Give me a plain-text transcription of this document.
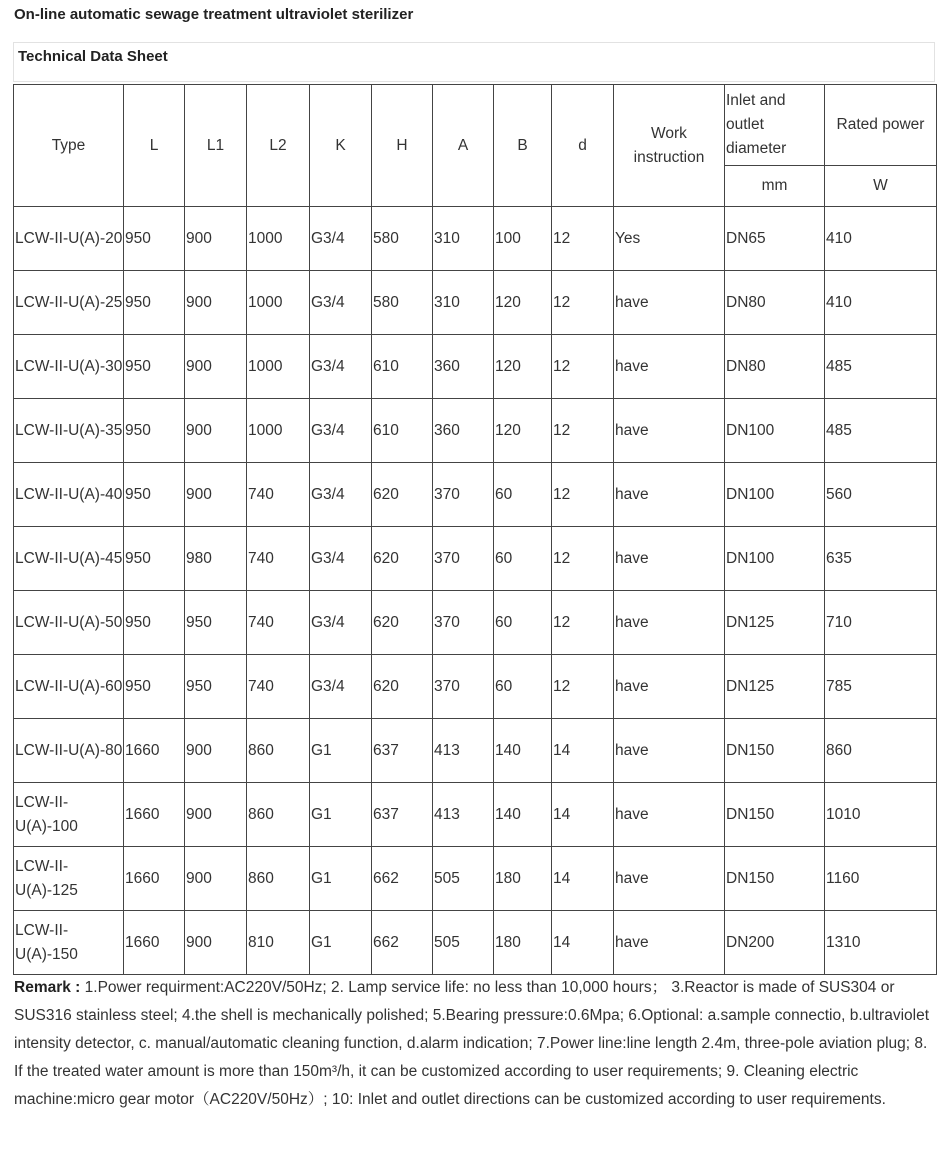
On-line automatic sewage treatment ultraviolet sterilizer
Technical Data Sheet
Type	L	L1	L2	K	H	A	B	d	Work instruction	Inlet and outlet diameter	Rated power
										mm	W
LCW-II-U(A)-20	950	900	1000	G3/4	580	310	100	12	Yes	DN65	410
LCW-II-U(A)-25	950	900	1000	G3/4	580	310	120	12	have	DN80	410
LCW-II-U(A)-30	950	900	1000	G3/4	610	360	120	12	have	DN80	485
LCW-II-U(A)-35	950	900	1000	G3/4	610	360	120	12	have	DN100	485
LCW-II-U(A)-40	950	900	740	G3/4	620	370	60	12	have	DN100	560
LCW-II-U(A)-45	950	980	740	G3/4	620	370	60	12	have	DN100	635
LCW-II-U(A)-50	950	950	740	G3/4	620	370	60	12	have	DN125	710
LCW-II-U(A)-60	950	950	740	G3/4	620	370	60	12	have	DN125	785
LCW-II-U(A)-80	1660	900	860	G1	637	413	140	14	have	DN150	860
LCW-II-U(A)-100	1660	900	860	G1	637	413	140	14	have	DN150	1010
LCW-II-U(A)-125	1660	900	860	G1	662	505	180	14	have	DN150	1160
LCW-II-U(A)-150	1660	900	810	G1	662	505	180	14	have	DN200	1310
Remark : 1.Power requirment:AC220V/50Hz; 2. Lamp service life: no less than 10,000 hours； 3.Reactor is made of SUS304 or SUS316 stainless steel; 4.the shell is mechanically polished; 5.Bearing pressure:0.6Mpa; 6.Optional: a.sample connectio, b.ultraviolet intensity detector, c. manual/automatic cleaning function, d.alarm indication; 7.Power line:line length 2.4m, three-pole aviation plug; 8. If the treated water amount is more than 150m³/h, it can be customized according to user requirements; 9. Cleaning electric machine:micro gear motor（AC220V/50Hz）; 10: Inlet and outlet directions can be customized according to user requirements.
